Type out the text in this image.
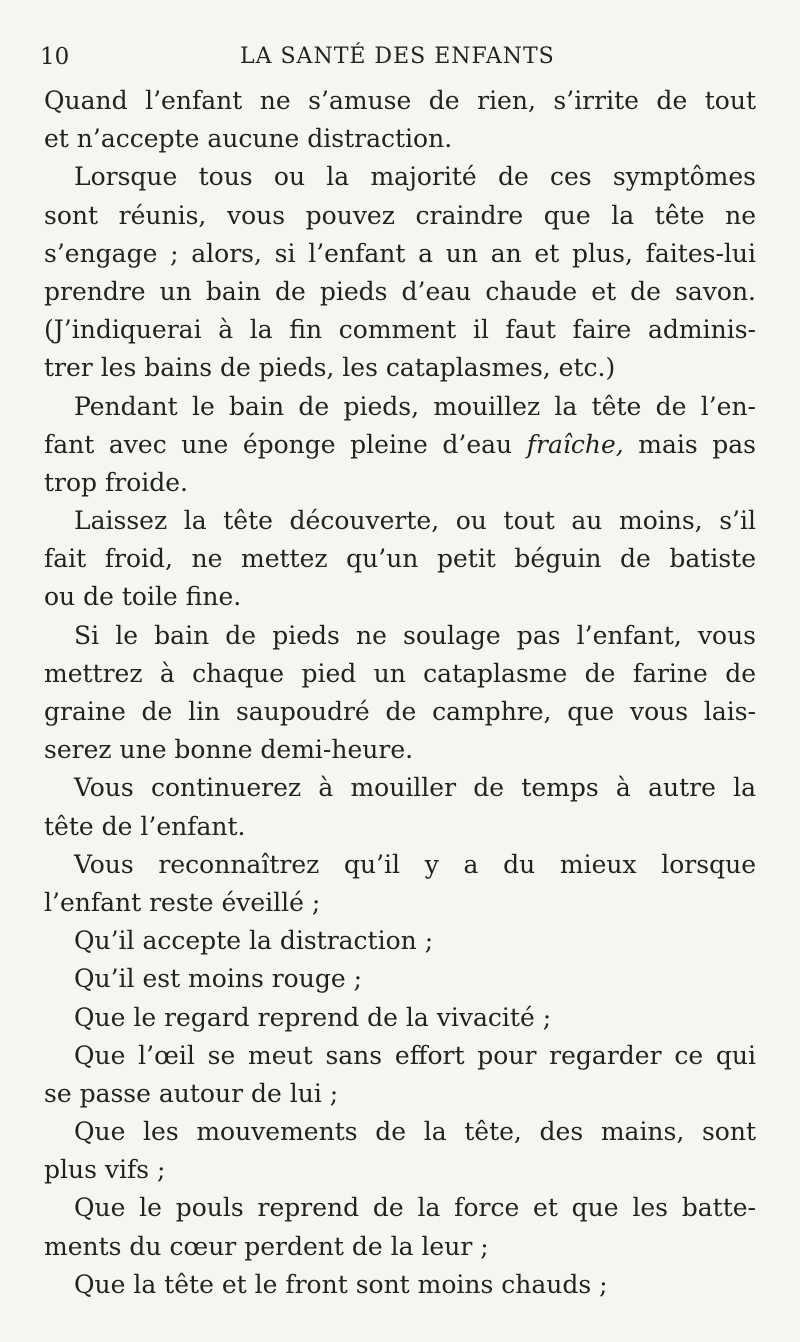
10	LA SANTÉ DES ENFANTS
Quand l’enfant ne s’amuse de rien, s’irrite de tout
et n’accepte aucune distraction.
Lorsque tous ou la majorité de ces symptômes
sont réunis, vous pouvez craindre que la tête ne
s’engage ; alors, si l’enfant a un an et plus, faites-lui
prendre un bain de pieds d’eau chaude et de savon.
(J’indiquerai à la fin comment il faut faire adminis-
trer les bains de pieds, les cataplasmes, etc.)
Pendant le bain de pieds, mouillez la tête de l’en-
fant avec une éponge pleine d’eau fraîche, mais pas
trop froide.
Laissez la tête découverte, ou tout au moins, s’il
fait froid, ne mettez qu’un petit béguin de batiste
ou de toile fine.
Si le bain de pieds ne soulage pas l’enfant, vous
mettrez à chaque pied un cataplasme de farine de
graine de lin saupoudré de camphre, que vous lais-
serez une bonne demi-heure.
Vous continuerez à mouiller de temps à autre la
tête de l’enfant.
Vous reconnaîtrez qu’il y a du mieux lorsque
l’enfant reste éveillé ;
Qu’il accepte la distraction ;
Qu’il est moins rouge ;
Que le regard reprend de la vivacité ;
Que l’œil se meut sans effort pour regarder ce qui
se passe autour de lui ;
Que les mouvements de la tête, des mains, sont
plus vifs ;
Que le pouls reprend de la force et que les batte-
ments du cœur perdent de la leur ;
Que la tête et le front sont moins chauds ;
